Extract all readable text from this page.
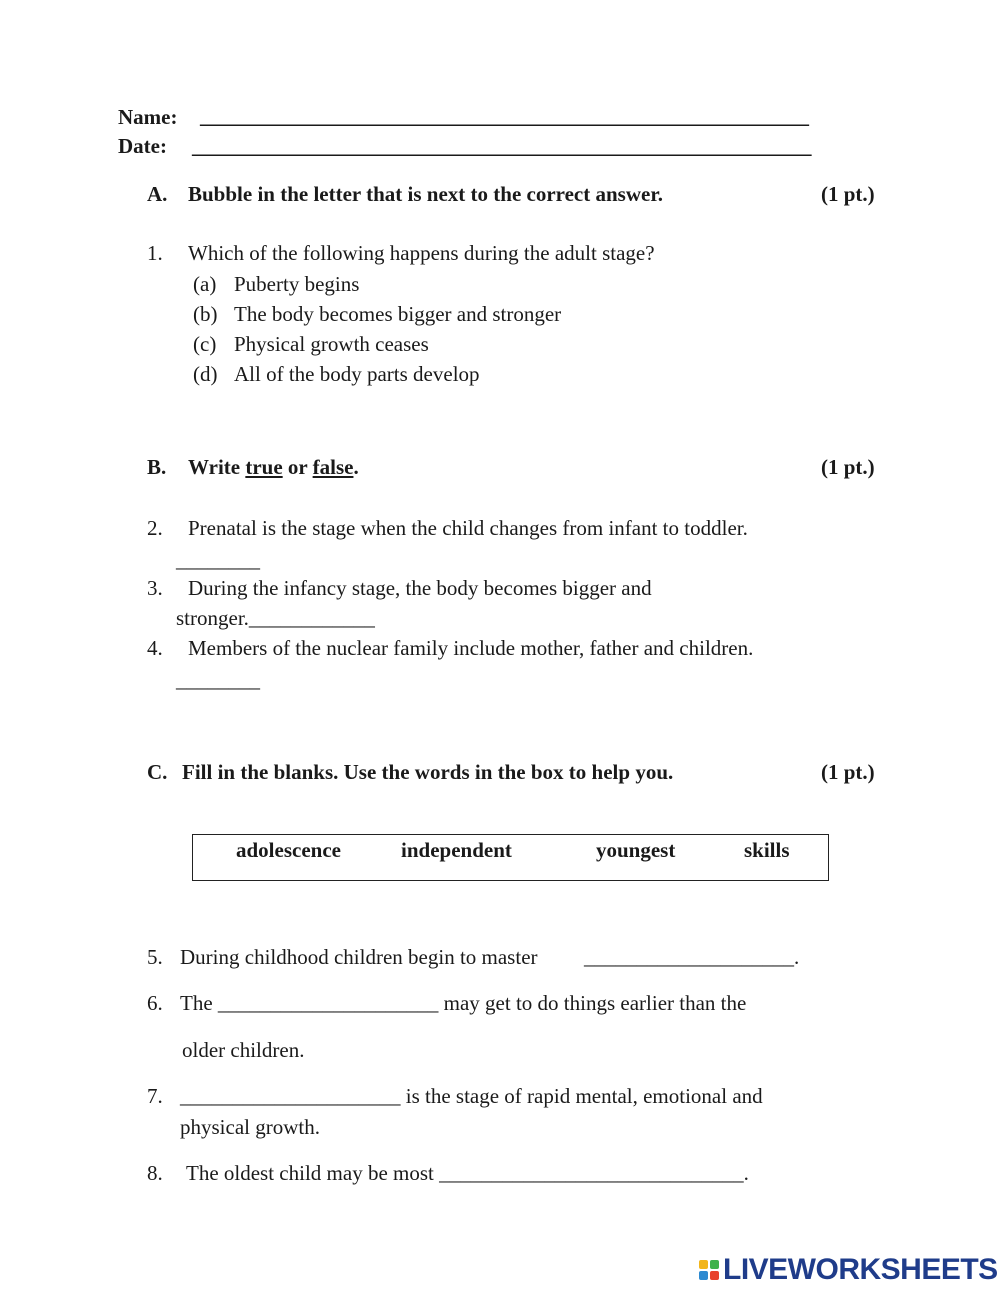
Name: __________________________________________________________
Date: ___________________________________________________________
A. Bubble in the letter that is next to the correct answer.	(1 pt.)
1. Which of the following happens during the adult stage?
(a) Puberty begins
(b) The body becomes bigger and stronger
(c) Physical growth ceases
(d) All of the body parts develop
B. Write true or false.	(1 pt.)
2. Prenatal is the stage when the child changes from infant to toddler.
________
3. During the infancy stage, the body becomes bigger and
stronger.____________
4. Members of the nuclear family include mother, father and children.
________
C. Fill in the blanks. Use the words in the box to help you.	(1 pt.)
adolescence	independent	youngest	skills
5. During childhood children begin to master ____________________.
6. The _____________________ may get to do things earlier than the
older children.
7. _____________________ is the stage of rapid mental, emotional and
physical growth.
8. The oldest child may be most _____________________________.
LIVEWORKSHEETS
